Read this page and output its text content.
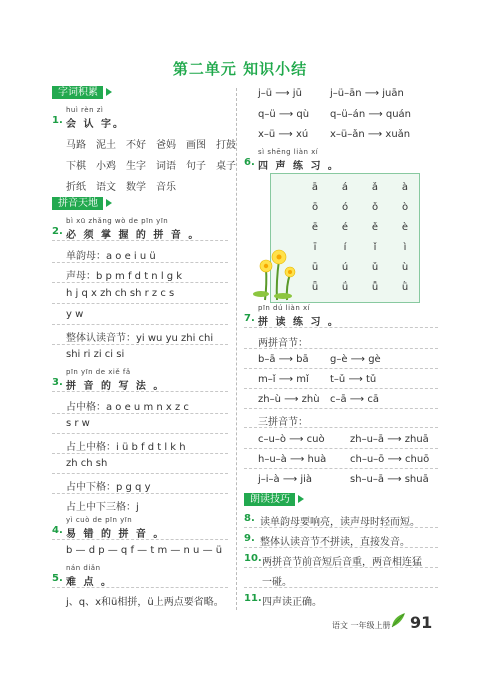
第二单元 知识小结
字词积累
huì rèn zì
1. 会 认 字。
马路 泥土 不好 爸妈 画图 打鼓
下棋 小鸡 生字 词语 句子 桌子
折纸 语文 数学 音乐
拼音天地
bì xū zhǎng wò de pīn yīn
2. 必 须 掌 握 的 拼 音 。
单韵母：a o e i u ü
声母：b p m f d t n l g k
h j q x zh ch sh r z c s
y w
整体认读音节：yi wu yu zhi chi
shi ri zi ci si
pīn yīn de xiě fǎ
3. 拼 音 的 写 法 。
占中格：a o e u m n x z c
s r w
占上中格：i ü b f d t l k h
zh ch sh
占中下格：p g q y
占上中下三格：j
yì cuò de pīn yīn
4. 易 错 的 拼 音 。
b — d p — q f — t m — n u — ü
nán diǎn
5. 难 点 。
j、q、x和ü相拼，ü上两点要省略。
j–ü ⟶ jū	j–ü–ān ⟶ juān
q–ü ⟶ qù q–ü–án ⟶ quán
x–ü ⟶ xú x–ü–ǎn ⟶ xuǎn
sì shēng liàn xí
6. 四 声 练 习 。
ā	á	ǎ	à
ō	ó	ǒ	ò
ē	é	ě	è
ī	í	ǐ	ì
ū	ú	ǔ	ù
ǖ	ǘ	ǚ	ǜ
pīn dú liàn xí
7. 拼 读 练 习 。
两拼音节：
b–ā ⟶ bā g–è ⟶ gè
m–ǐ ⟶ mǐ t–ǔ ⟶ tǔ
zh–ù ⟶ zhù c–ā ⟶ cā
三拼音节：
c–u–ò ⟶ cuò	zh–u–ā ⟶ zhuā
h–u–à ⟶ huà ch–u–ō ⟶ chuō
j–i–à ⟶ jià	sh–u–ā ⟶ shuā
朗读技巧
8. 读单韵母要响亮，读声母时轻而短。
9. 整体认读音节不拼读，直接发音。
10. 两拼音节前音短后音重，两音相连猛
一碰。
11. 四声读正确。
语文 一年级上册 91
